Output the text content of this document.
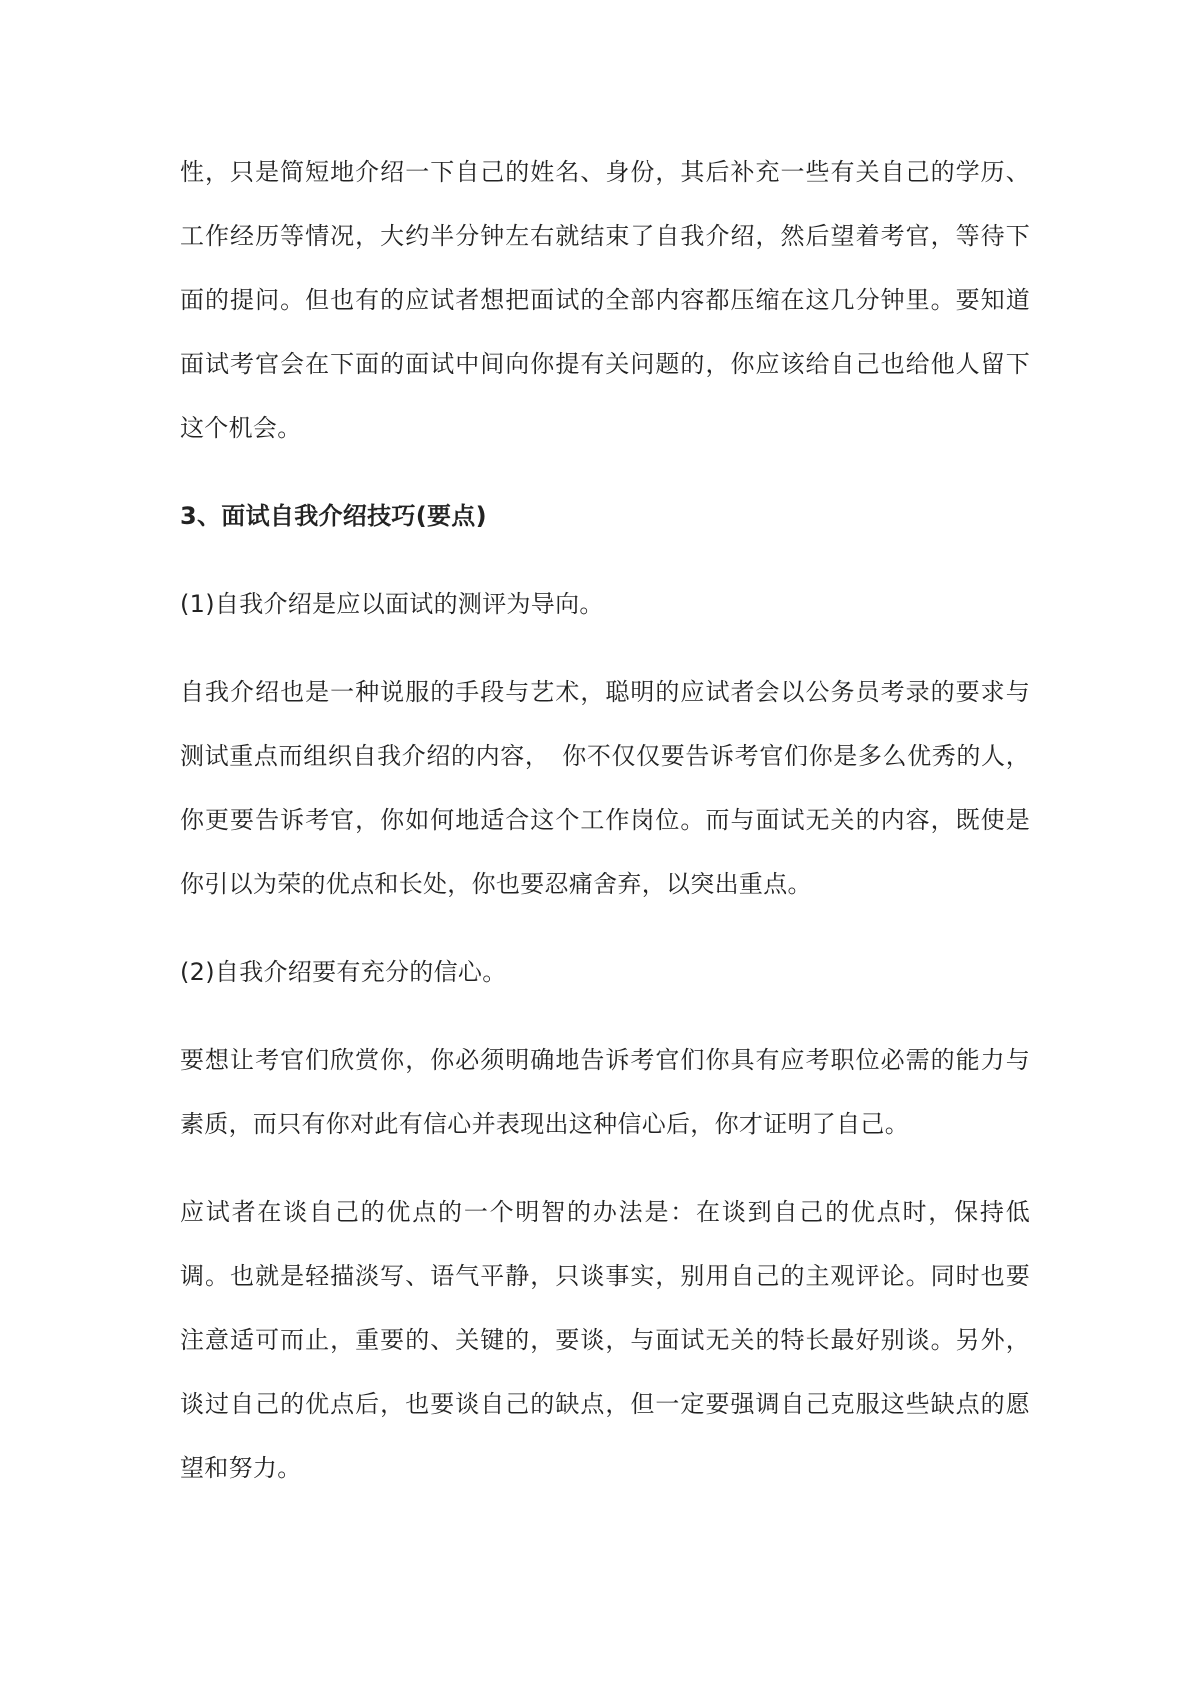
性，只是简短地介绍一下自己的姓名、身份，其后补充一些有关自己的学历、工作经历等情况，大约半分钟左右就结束了自我介绍，然后望着考官，等待下面的提问。但也有的应试者想把面试的全部内容都压缩在这几分钟里。要知道面试考官会在下面的面试中间向你提有关问题的，你应该给自己也给他人留下这个机会。

3、面试自我介绍技巧(要点)

(1)自我介绍是应以面试的测评为导向。

自我介绍也是一种说服的手段与艺术，聪明的应试者会以公务员考录的要求与测试重点而组织自我介绍的内容，　你不仅仅要告诉考官们你是多么优秀的人，你更要告诉考官，你如何地适合这个工作岗位。而与面试无关的内容，既使是你引以为荣的优点和长处，你也要忍痛舍弃，以突出重点。

(2)自我介绍要有充分的信心。

要想让考官们欣赏你，你必须明确地告诉考官们你具有应考职位必需的能力与素质，而只有你对此有信心并表现出这种信心后，你才证明了自己。

应试者在谈自己的优点的一个明智的办法是：在谈到自己的优点时，保持低调。也就是轻描淡写、语气平静，只谈事实，别用自己的主观评论。同时也要注意适可而止，重要的、关键的，要谈，与面试无关的特长最好别谈。另外，谈过自己的优点后，也要谈自己的缺点，但一定要强调自己克服这些缺点的愿望和努力。
